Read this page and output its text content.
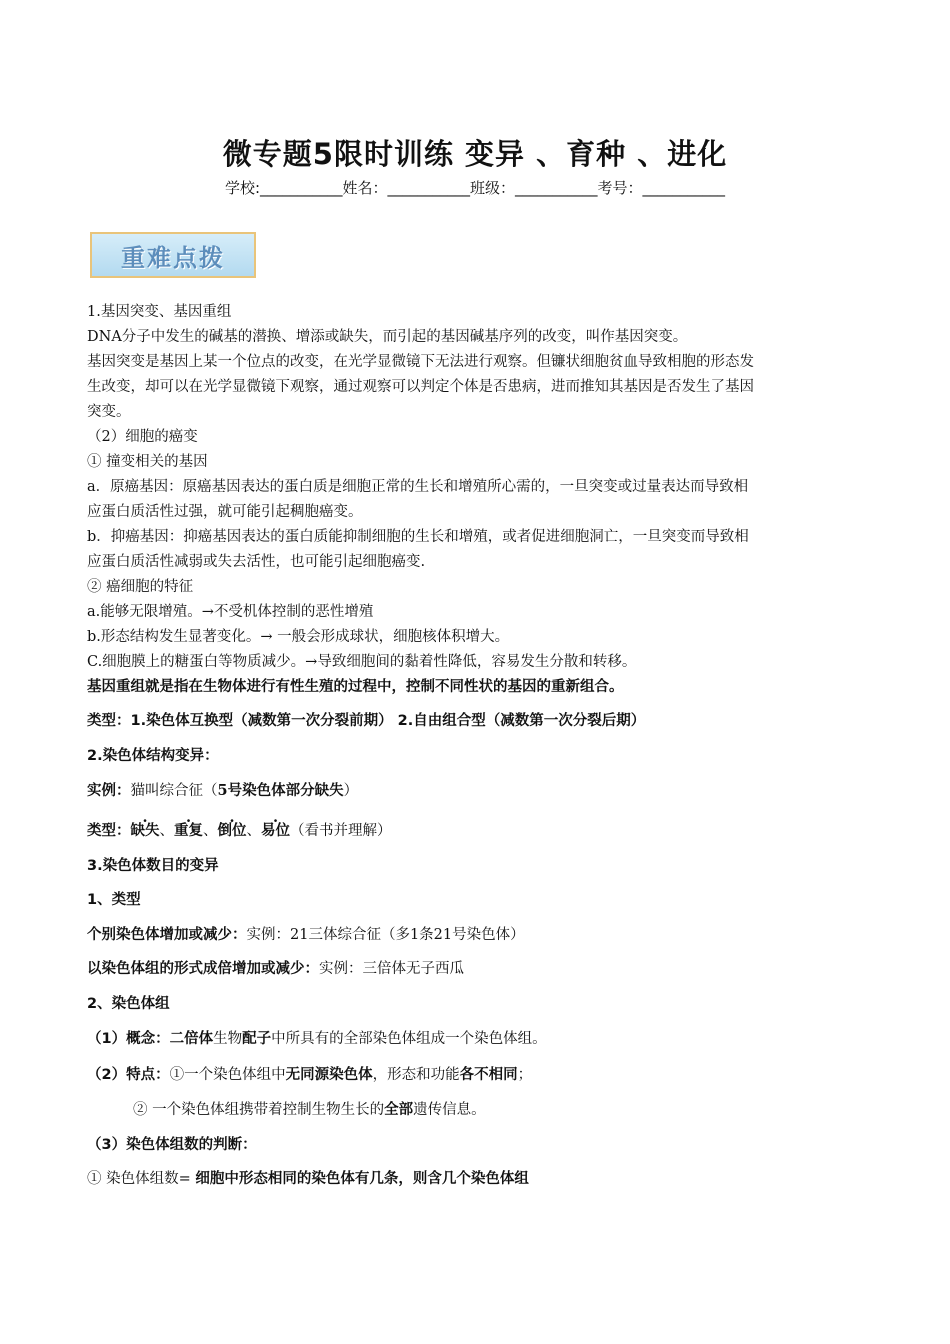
微专题5限时训练 变异 、育种 、进化
学校:___________姓名：___________班级：___________考号：___________
重难点拨

1.基因突变、基因重组

DNA分子中发生的碱基的潜换、增添或缺失，而引起的基因碱基序列的改变，叫作基因突变。

基因突变是基因上某一个位点的改变，在光学显微镜下无法进行观察。但镰状细胞贫血导致相胞的形态发

生改变，却可以在光学显微镜下观察，通过观察可以判定个体是否患病，进而推知其基因是否发生了基因

突变。

（2）细胞的癌变

① 撞变相关的基因

a．原癌基因：原癌基因表达的蛋白质是细胞正常的生长和增殖所心需的，一旦突变或过量表达而导致相

应蛋白质活性过强，就可能引起稠胞癌变。

b．抑癌基因：抑癌基因表达的蛋白质能抑制细胞的生长和增殖，或者促进细胞洞亡，一旦突变而导致相

应蛋白质活性减弱或失去活性，也可能引起细胞癌变.

② 癌细胞的特征

a.能够无限增殖。→不受机体控制的恶性增殖

b.形态结构发生显著变化。→ 一般会形成球状，细胞核体积增大。

C.细胞膜上的糖蛋白等物质减少。→导致细胞间的黏着性降低，容易发生分散和转移。

基因重组就是指在生物体进行有性生殖的过程中，控制不同性状的基因的重新组合。

类型：1.染色体互换型（减数第一次分裂前期） 2.自由组合型（减数第一次分裂后期）

2.染色体结构变异：

实例：猫叫综合征（5号染色体部分缺失）

类型：缺失、重复、倒位、易位（看书并理解）

3.染色体数目的变异

1、类型

个别染色体增加或减少：实例：21三体综合征（多1条21号染色体）

以染色体组的形式成倍增加或减少：实例：三倍体无子西瓜

2、染色体组

（1）概念：二倍体生物配子中所具有的全部染色体组成一个染色体组。

（2）特点：①一个染色体组中无同源染色体，形态和功能各不相同；

② 一个染色体组携带着控制生物生长的全部遗传信息。

（3）染色体组数的判断：

① 染色体组数= 细胞中形态相同的染色体有几条，则含几个染色体组
